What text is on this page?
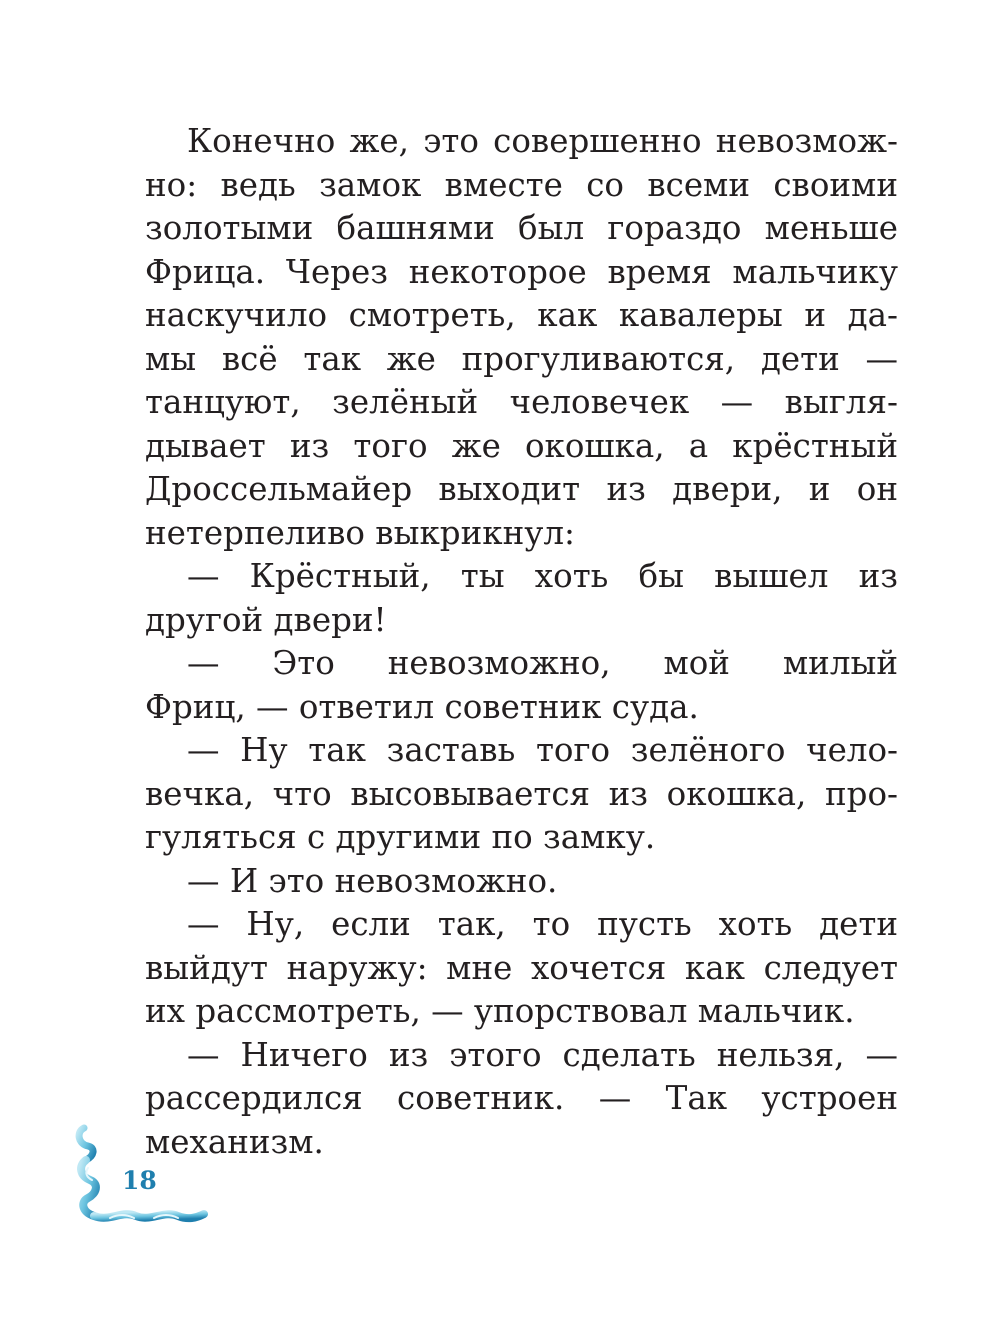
Конечно же, это совершенно невозмож-
но: ведь замок вместе со всеми своими
золотыми башнями был гораздо меньше
Фрица. Через некоторое время мальчику
наскучило смотреть, как кавалеры и да-
мы всё так же прогуливаются, дети —
танцуют, зелёный человечек — выгля-
дывает из того же окошка, а крёстный
Дроссельмайер выходит из двери, и он
нетерпеливо выкрикнул:
— Крёстный, ты хоть бы вышел из
другой двери!
— Это невозможно, мой милый
Фриц, — ответил советник суда.
— Ну так заставь того зелёного чело-
вечка, что высовывается из окошка, про-
гуляться с другими по замку.
— И это невозможно.
— Ну, если так, то пусть хоть дети
выйдут наружу: мне хочется как следует
их рассмотреть, — упорствовал мальчик.
— Ничего из этого сделать нельзя, —
рассердился советник. — Так устроен
механизм.
18
